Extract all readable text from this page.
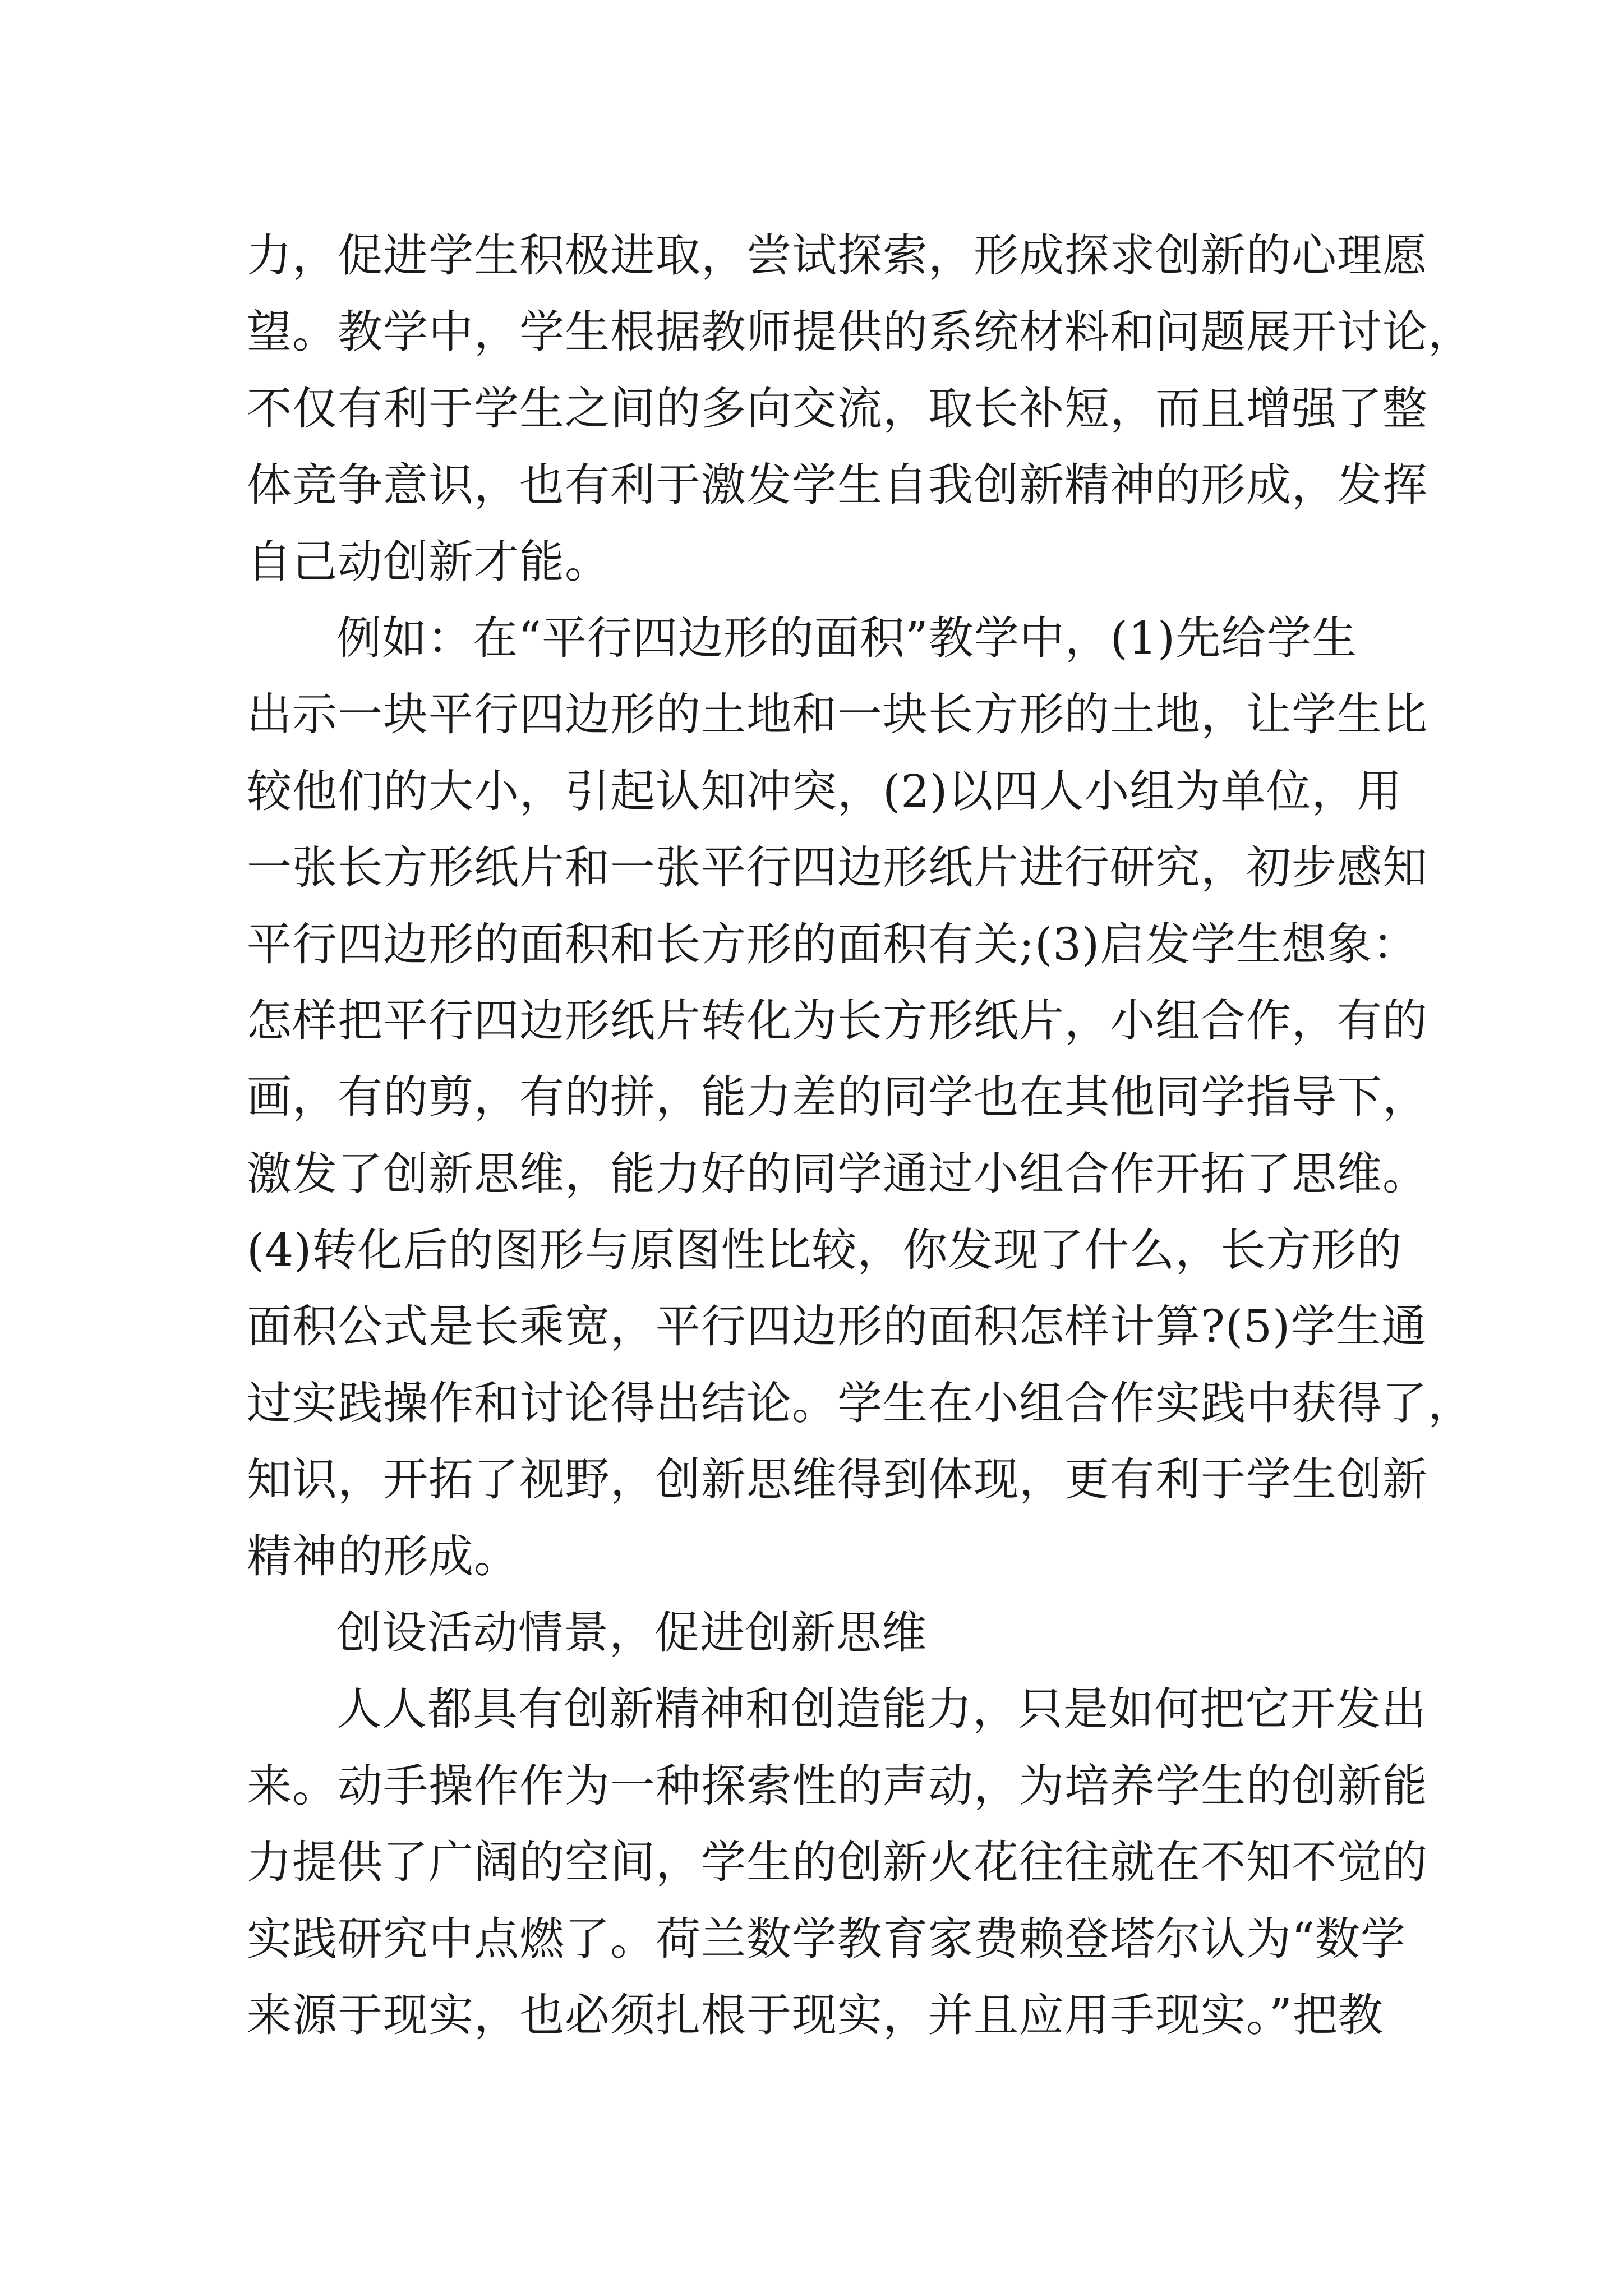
力，促进学生积极进取，尝试探索，形成探求创新的心理愿
望。教学中，学生根据教师提供的系统材料和问题展开讨论，
不仅有利于学生之间的多向交流，取长补短，而且增强了整
体竞争意识，也有利于激发学生自我创新精神的形成，发挥
自己动创新才能。
例如：在“平行四边形的面积”教学中，(1)先给学生
出示一块平行四边形的土地和一块长方形的土地，让学生比
较他们的大小，引起认知冲突，(2)以四人小组为单位，用
一张长方形纸片和一张平行四边形纸片进行研究，初步感知
平行四边形的面积和长方形的面积有关;(3)启发学生想象：
怎样把平行四边形纸片转化为长方形纸片，小组合作，有的
画，有的剪，有的拼，能力差的同学也在其他同学指导下，
激发了创新思维，能力好的同学通过小组合作开拓了思维。
(4)转化后的图形与原图性比较，你发现了什么，长方形的
面积公式是长乘宽，平行四边形的面积怎样计算?(5)学生通
过实践操作和讨论得出结论。学生在小组合作实践中获得了，
知识，开拓了视野，创新思维得到体现，更有利于学生创新
精神的形成。
创设活动情景，促进创新思维
人人都具有创新精神和创造能力，只是如何把它开发出
来。动手操作作为一种探索性的声动，为培养学生的创新能
力提供了广阔的空间，学生的创新火花往往就在不知不觉的
实践研究中点燃了。荷兰数学教育家费赖登塔尔认为“数学
来源于现实，也必须扎根于现实，并且应用手现实。”把教
